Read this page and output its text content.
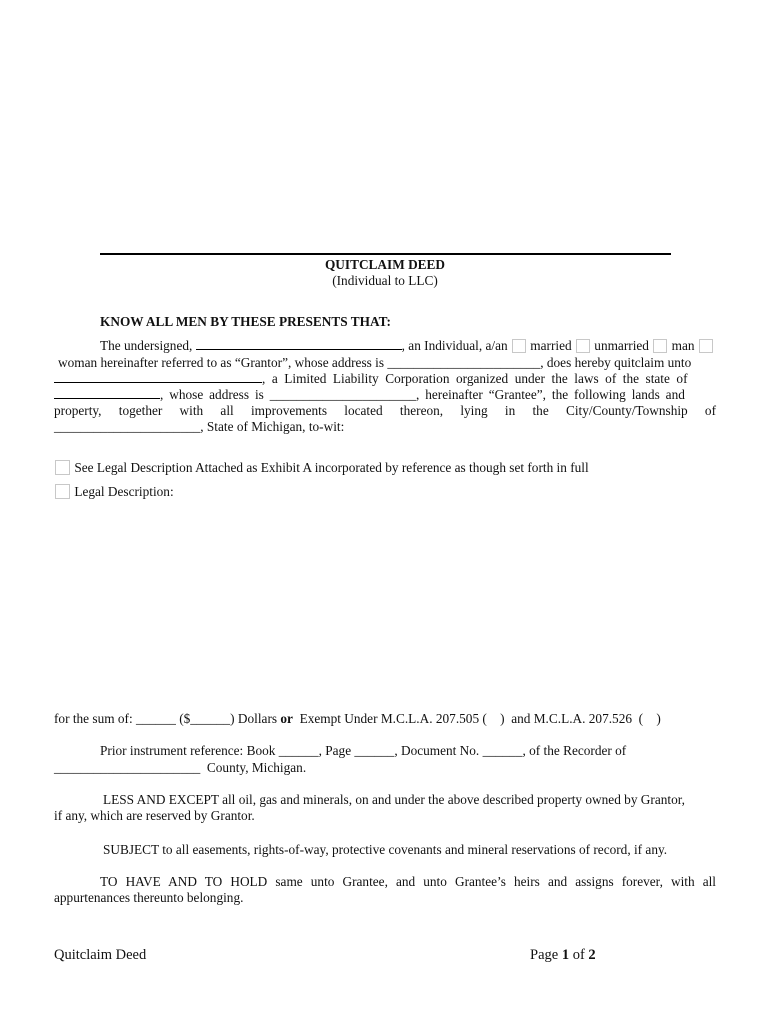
QUITCLAIM DEED
(Individual to LLC)
KNOW ALL MEN BY THESE PRESENTS THAT:
The undersigned,	, an Individual, a/an married unmarried man
woman hereinafter referred to as “Grantor”, whose address is _______________________, does hereby quitclaim unto
, a Limited Liability Corporation organized under the laws of the state of
, whose address is ______________________, hereinafter “Grantee”, the following lands and
property, together with all improvements located thereon, lying in the City/County/Township of
______________________, State of Michigan, to-wit:
See Legal Description Attached as Exhibit A incorporated by reference as though set forth in full
Legal Description:
for the sum of: ______ ($______) Dollars or  Exempt Under M.C.L.A. 207.505 (    )  and M.C.L.A. 207.526  (    )
Prior instrument reference: Book ______, Page ______, Document No. ______, of the Recorder of
______________________  County, Michigan.
LESS AND EXCEPT all oil, gas and minerals, on and under the above described property owned by Grantor,
if any, which are reserved by Grantor.
SUBJECT to all easements, rights-of-way, protective covenants and mineral reservations of record, if any.
TO HAVE AND TO HOLD same unto Grantee, and unto Grantee’s heirs and assigns forever, with all
appurtenances thereunto belonging.
Quitclaim Deed	Page 1 of 2
